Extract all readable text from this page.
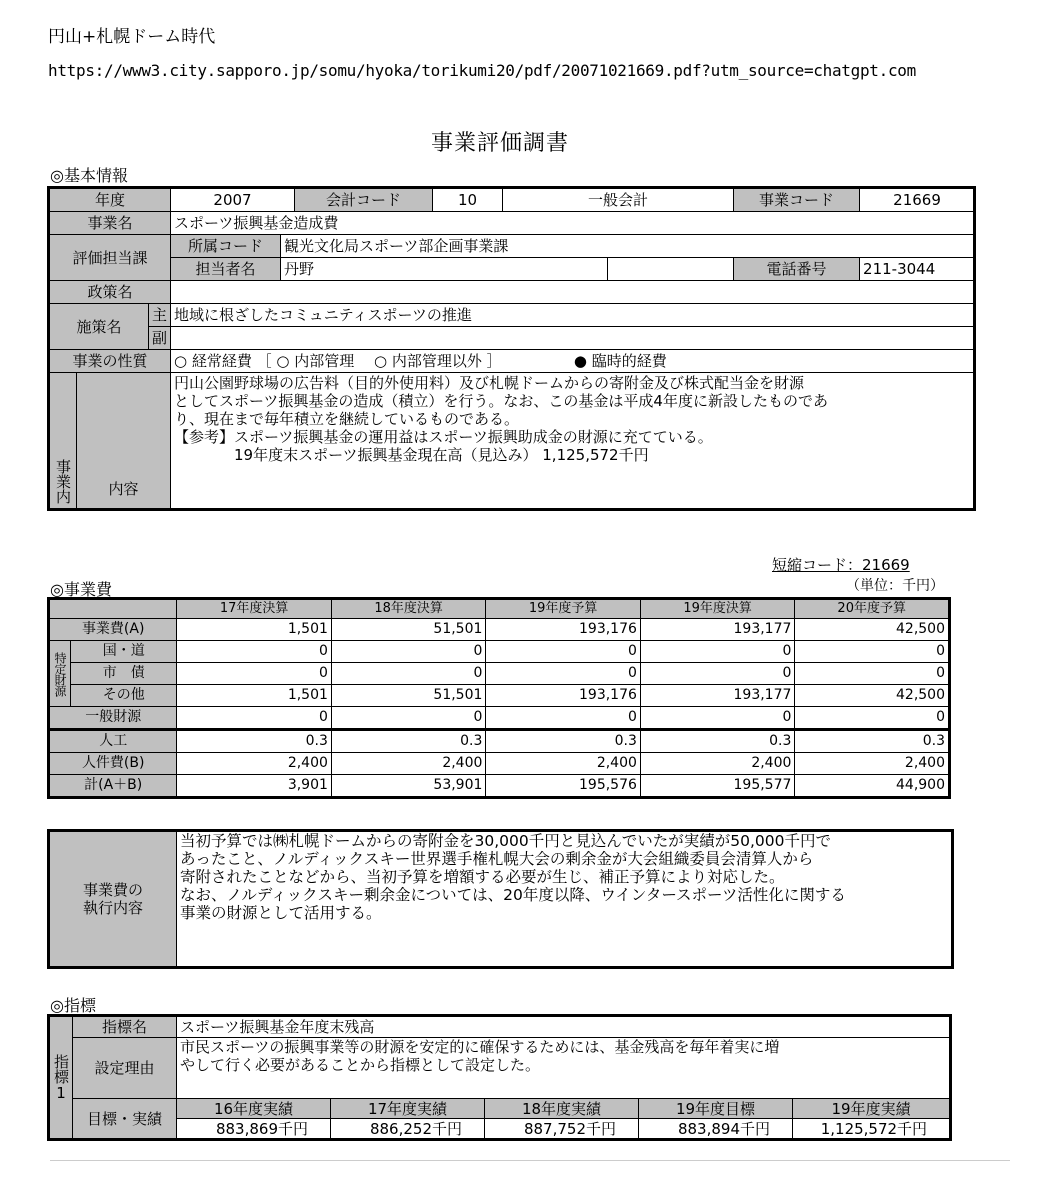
円山+札幌ドーム時代
https://www3.city.sapporo.jp/somu/hyoka/torikumi20/pdf/20071021669.pdf?utm_source=chatgpt.com
事業評価調書
◎基本情報
年度			2007		会計コード	10	一般会計		事業コード	21669
事業名			スポーツ振興基金造成費							
評価担当課			所属コード	観光文化局スポーツ部企画事業課						
			担当者名	丹野					電話番号	211-3044
政策名										
施策名		主	地域に根ざしたコミュニティスポーツの推進							
		副								
事業の性質			○ 経常経費 ［ ○ 内部管理　 ○ 内部管理以外 ］　　　　　 ● 臨時的経費							

事業内	内容		円山公園野球場の広告料（目的外使用料）及び札幌ドームからの寄附金及び株式配当金を財源
としてスポーツ振興基金の造成（積立）を行う。なお、この基金は平成4年度に新設したものであ
り、現在まで毎年積立を継続しているものである。
【参考】スポーツ振興基金の運用益はスポーツ振興助成金の財源に充てている。
　　　　19年度末スポーツ振興基金現在高（見込み） 1,125,572千円							
短縮コード：21669
（単位：千円）
◎事業費
		17年度決算	18年度決算	19年度予算	19年度決算	20年度予算
事業費(A)		1,501	51,501	193,176	193,177	42,500

特定財源	国・道	0	0	0	0	0
	市　債	0	0	0	0	0
	その他	1,501	51,501	193,176	193,177	42,500
一般財源		0	0	0	0	0
人工		0.3	0.3	0.3	0.3	0.3
人件費(B)		2,400	2,400	2,400	2,400	2,400
計(A＋B)		3,901	53,901	195,576	195,577	44,900
事業費の
執行内容

当初予算では㈱札幌ドームからの寄附金を30,000千円と見込んでいたが実績が50,000千円で
あったこと、ノルディックスキー世界選手権札幌大会の剰余金が大会組織委員会清算人から
寄附されたことなどから、当初予算を増額する必要が生じ、補正予算により対応した。
なお、ノルディックスキー剰余金については、20年度以降、ウインタースポーツ活性化に関する
事業の財源として活用する。
◎指標
指標1	指標名	スポーツ振興基金年度末残高				
	設定理由	市民スポーツの振興事業等の財源を安定的に確保するためには、基金残高を毎年着実に増
やして行く必要があることから指標として設定した。				

	目標・実績	16年度実績	17年度実績	18年度実績	19年度目標	19年度実績
		883,869千円	886,252千円	887,752千円	883,894千円	1,125,572千円
